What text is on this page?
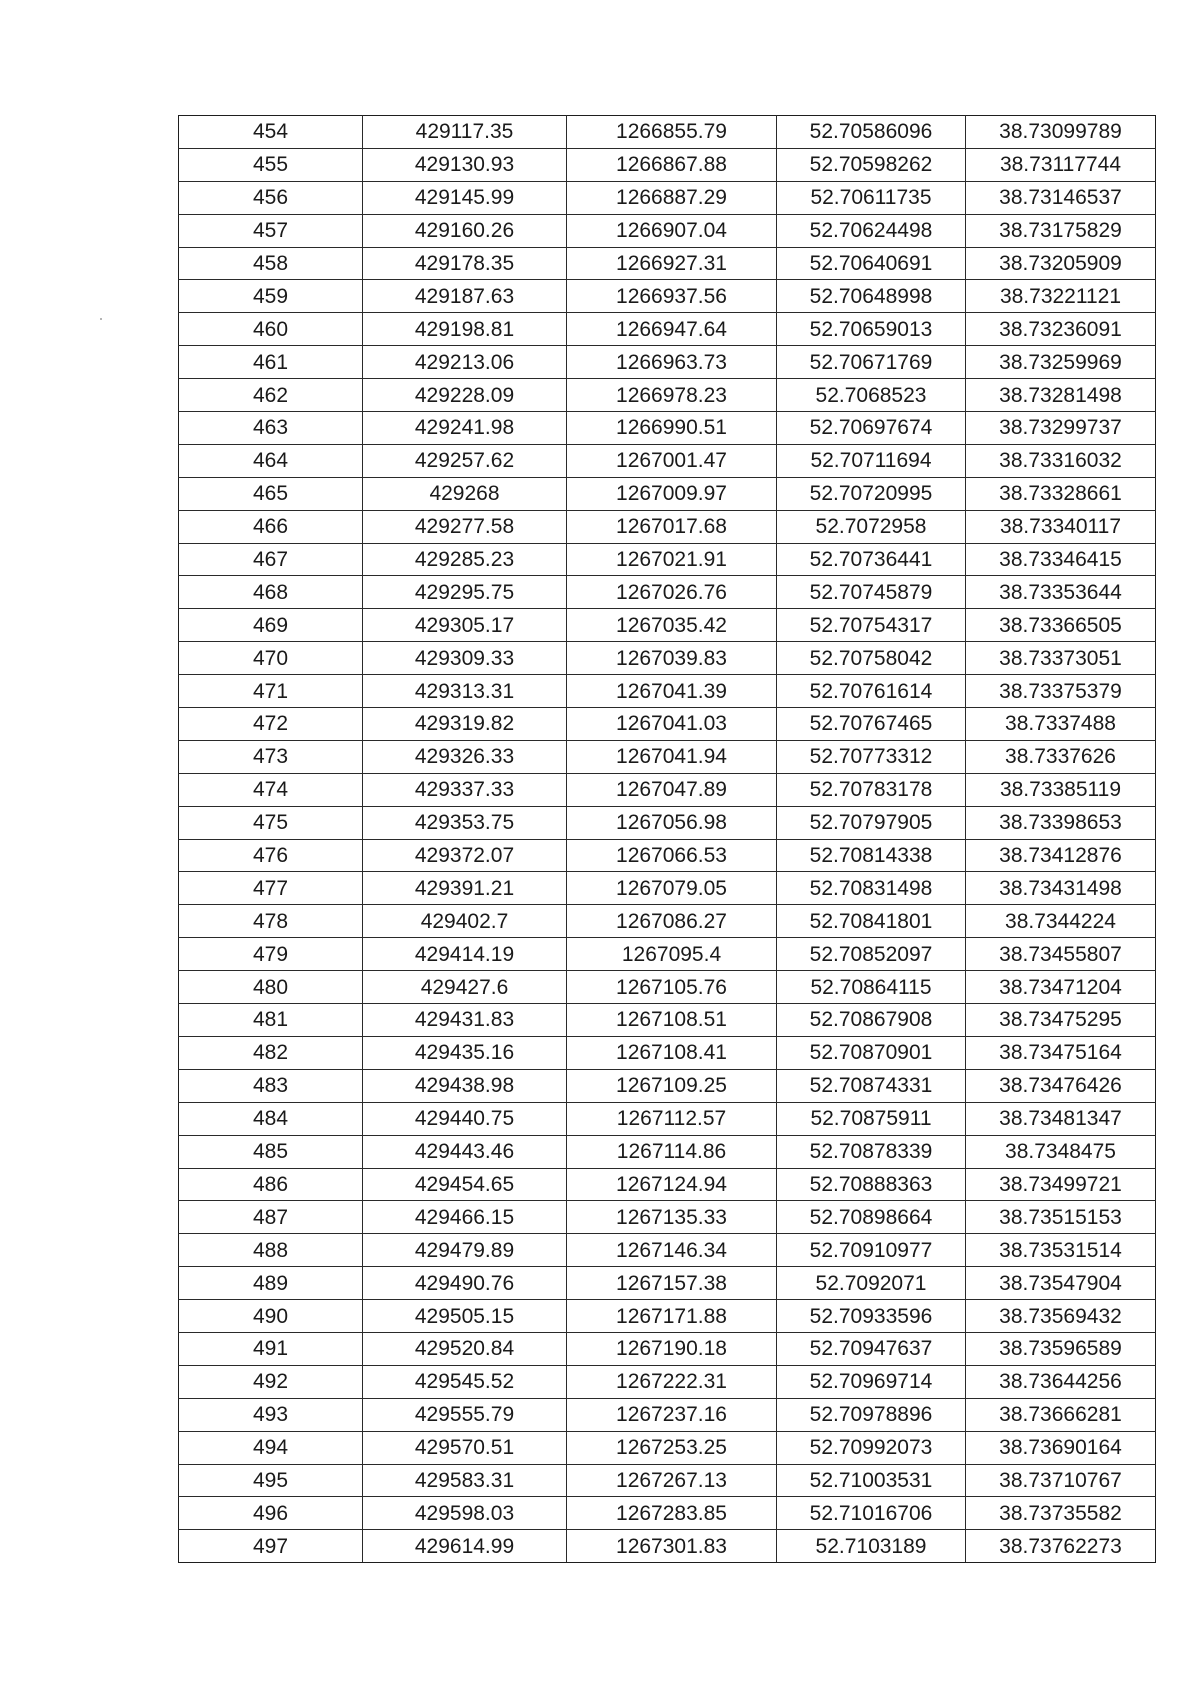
454	429117.35	1266855.79	52.70586096	38.73099789
455	429130.93	1266867.88	52.70598262	38.73117744
456	429145.99	1266887.29	52.70611735	38.73146537
457	429160.26	1266907.04	52.70624498	38.73175829
458	429178.35	1266927.31	52.70640691	38.73205909
459	429187.63	1266937.56	52.70648998	38.73221121
460	429198.81	1266947.64	52.70659013	38.73236091
461	429213.06	1266963.73	52.70671769	38.73259969
462	429228.09	1266978.23	52.7068523	38.73281498
463	429241.98	1266990.51	52.70697674	38.73299737
464	429257.62	1267001.47	52.70711694	38.73316032
465	429268	1267009.97	52.70720995	38.73328661
466	429277.58	1267017.68	52.7072958	38.73340117
467	429285.23	1267021.91	52.70736441	38.73346415
468	429295.75	1267026.76	52.70745879	38.73353644
469	429305.17	1267035.42	52.70754317	38.73366505
470	429309.33	1267039.83	52.70758042	38.73373051
471	429313.31	1267041.39	52.70761614	38.73375379
472	429319.82	1267041.03	52.70767465	38.7337488
473	429326.33	1267041.94	52.70773312	38.7337626
474	429337.33	1267047.89	52.70783178	38.73385119
475	429353.75	1267056.98	52.70797905	38.73398653
476	429372.07	1267066.53	52.70814338	38.73412876
477	429391.21	1267079.05	52.70831498	38.73431498
478	429402.7	1267086.27	52.70841801	38.7344224
479	429414.19	1267095.4	52.70852097	38.73455807
480	429427.6	1267105.76	52.70864115	38.73471204
481	429431.83	1267108.51	52.70867908	38.73475295
482	429435.16	1267108.41	52.70870901	38.73475164
483	429438.98	1267109.25	52.70874331	38.73476426
484	429440.75	1267112.57	52.70875911	38.73481347
485	429443.46	1267114.86	52.70878339	38.7348475
486	429454.65	1267124.94	52.70888363	38.73499721
487	429466.15	1267135.33	52.70898664	38.73515153
488	429479.89	1267146.34	52.70910977	38.73531514
489	429490.76	1267157.38	52.7092071	38.73547904
490	429505.15	1267171.88	52.70933596	38.73569432
491	429520.84	1267190.18	52.70947637	38.73596589
492	429545.52	1267222.31	52.70969714	38.73644256
493	429555.79	1267237.16	52.70978896	38.73666281
494	429570.51	1267253.25	52.70992073	38.73690164
495	429583.31	1267267.13	52.71003531	38.73710767
496	429598.03	1267283.85	52.71016706	38.73735582
497	429614.99	1267301.83	52.7103189	38.73762273
